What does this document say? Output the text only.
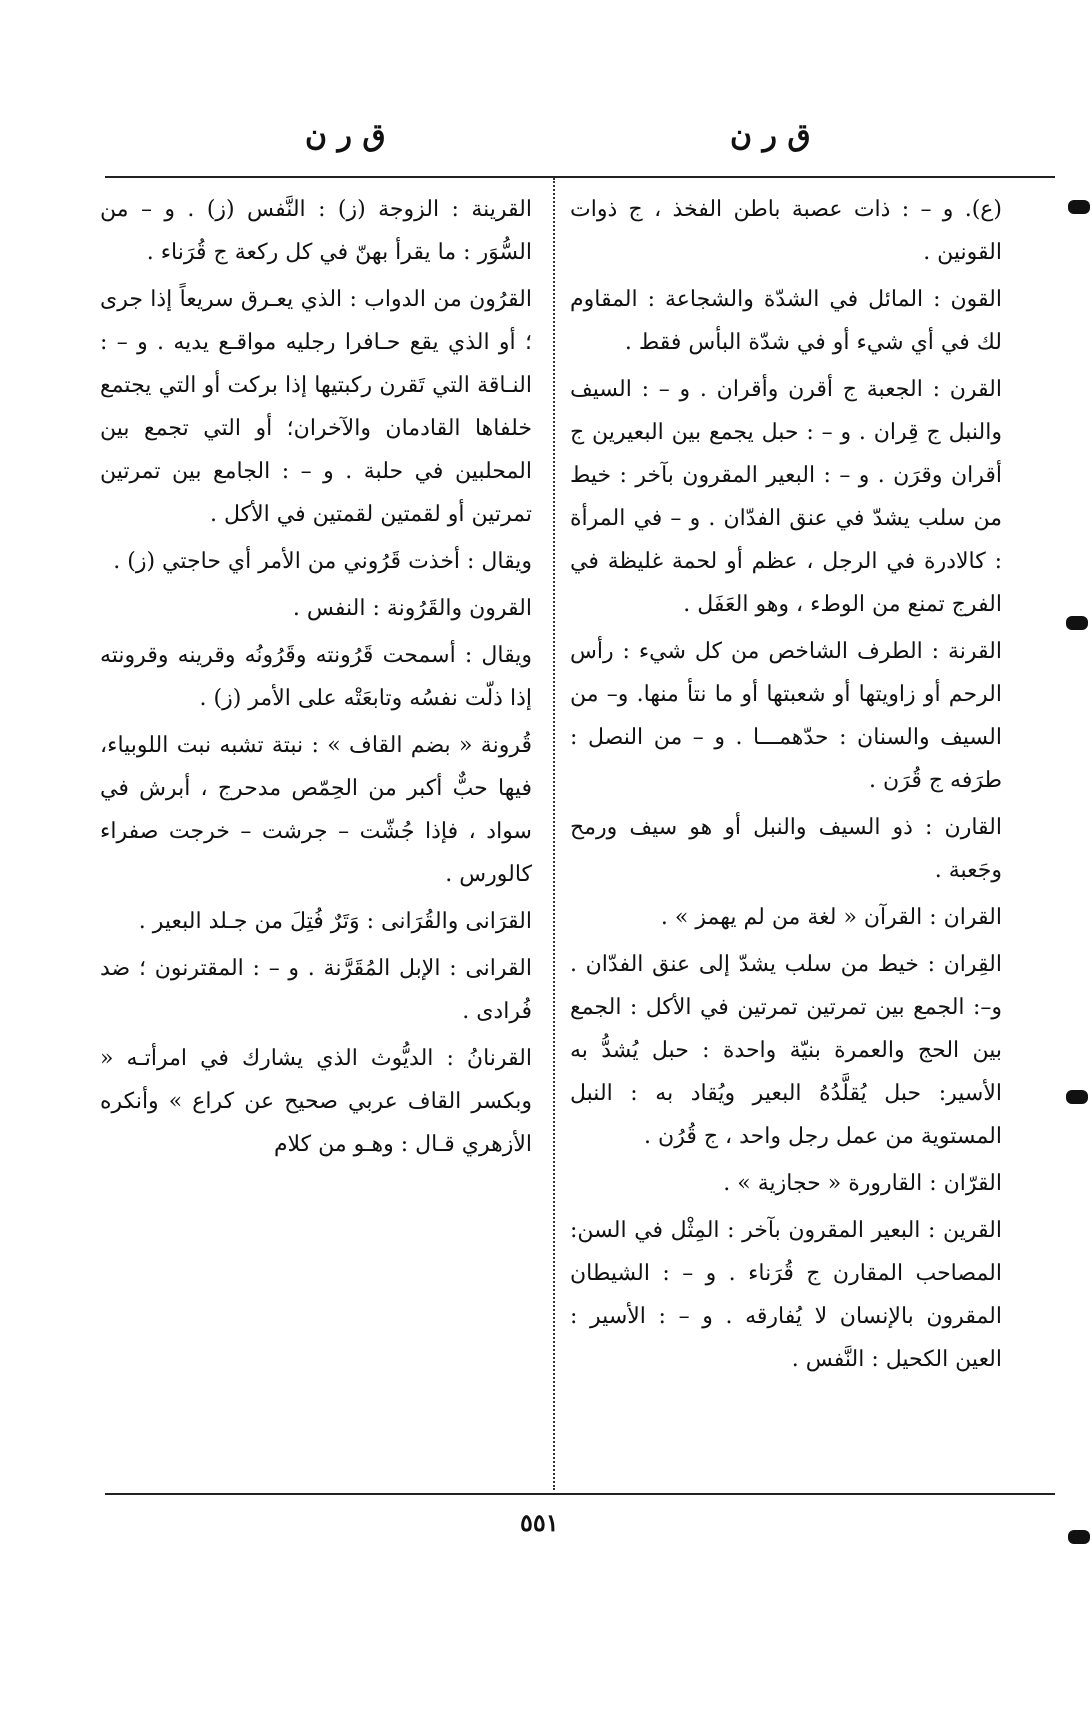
ق ر ن
ق ر ن

(ع). و – : ذات عصبة باطن الفخذ ، ج ذوات القونين .

القون : المائل في الشدّة والشجاعة : المقاوم لك في أي شيء أو في شدّة البأس فقط .

القرن : الجعبة ج أقرن وأقران . و – : السيف والنبل ج قِران . و – : حبل يجمع بين البعيرين ج أقران وقرَن . و – : البعير المقرون بآخر : خيط من سلب يشدّ في عنق الفدّان . و – في المرأة : كالادرة في الرجل ، عظم أو لحمة غليظة في الفرج تمنع من الوطء ، وهو العَفَل .

القرنة : الطرف الشاخص من كل شيء : رأس الرحم أو زاويتها أو شعبتها أو ما نتأ منها. و– من السيف والسنان : حدّهمـــا . و – من النصل : طرَفه ج قُرَن .

القارن : ذو السيف والنبل أو هو سيف ورمح وجَعبة .

القران : القرآن « لغة من لم يهمز » .

القِران : خيط من سلب يشدّ إلى عنق الفدّان . و–: الجمع بين تمرتين تمرتين في الأكل : الجمع بين الحج والعمرة بنيّة واحدة : حبل يُشدُّ به الأسير: حبل يُقلَّدُهُ البعير ويُقاد به : النبل المستوية من عمل رجل واحد ، ج قُرُن .

القرّان : القارورة « حجازية » .

القرين : البعير المقرون بآخر : المِثْل في السن: المصاحب المقارن ج قُرَناء . و – : الشيطان المقرون بالإنسان لا يُفارقه . و – : الأسير : العين الكحيل : النَّفس .

القرينة : الزوجة (ز) : النَّفس (ز) . و – من السُّوَر : ما يقرأ بهنّ في كل ركعة ج قُرَناء .

القرُون من الدواب : الذي يعـرق سريعاً إذا جرى ؛ أو الذي يقع حـافرا رجليه مواقـع يديه . و – : النـاقة التي تَقرن ركبتيها إذا بركت أو التي يجتمع خلفاها القادمان والآخران؛ أو التي تجمع بين المحلبين في حلبة . و – : الجامع بين تمرتين تمرتين أو لقمتين لقمتين في الأكل .

ويقال : أخذت قَرُوني من الأمر أي حاجتي (ز) .

القرون والقَرُونة : النفس .

ويقال : أسمحت قَرُونته وقَرُونُه وقرينه وقرونته إذا ذلّت نفسُه وتابعَتْه على الأمر (ز) .

قُرونة « بضم القاف » : نبتة تشبه نبت اللوبياء، فيها حبٌّ أكبر من الحِمّص مدحرج ، أبرش في سواد ، فإذا جُشّت – جرشت – خرجت صفراء كالورس .

القرَانى والقُرَانى : وَتَرٌ فُتِلَ من جـلد البعير .

القرانى : الإبل المُقَرَّنة . و – : المقترنون ؛ ضد فُرادى .

القرنانُ : الديُّوث الذي يشارك في امرأتـه « وبكسر القاف عربي صحيح عن كراع » وأنكره الأزهري قـال : وهـو من كلام

٥٥١
